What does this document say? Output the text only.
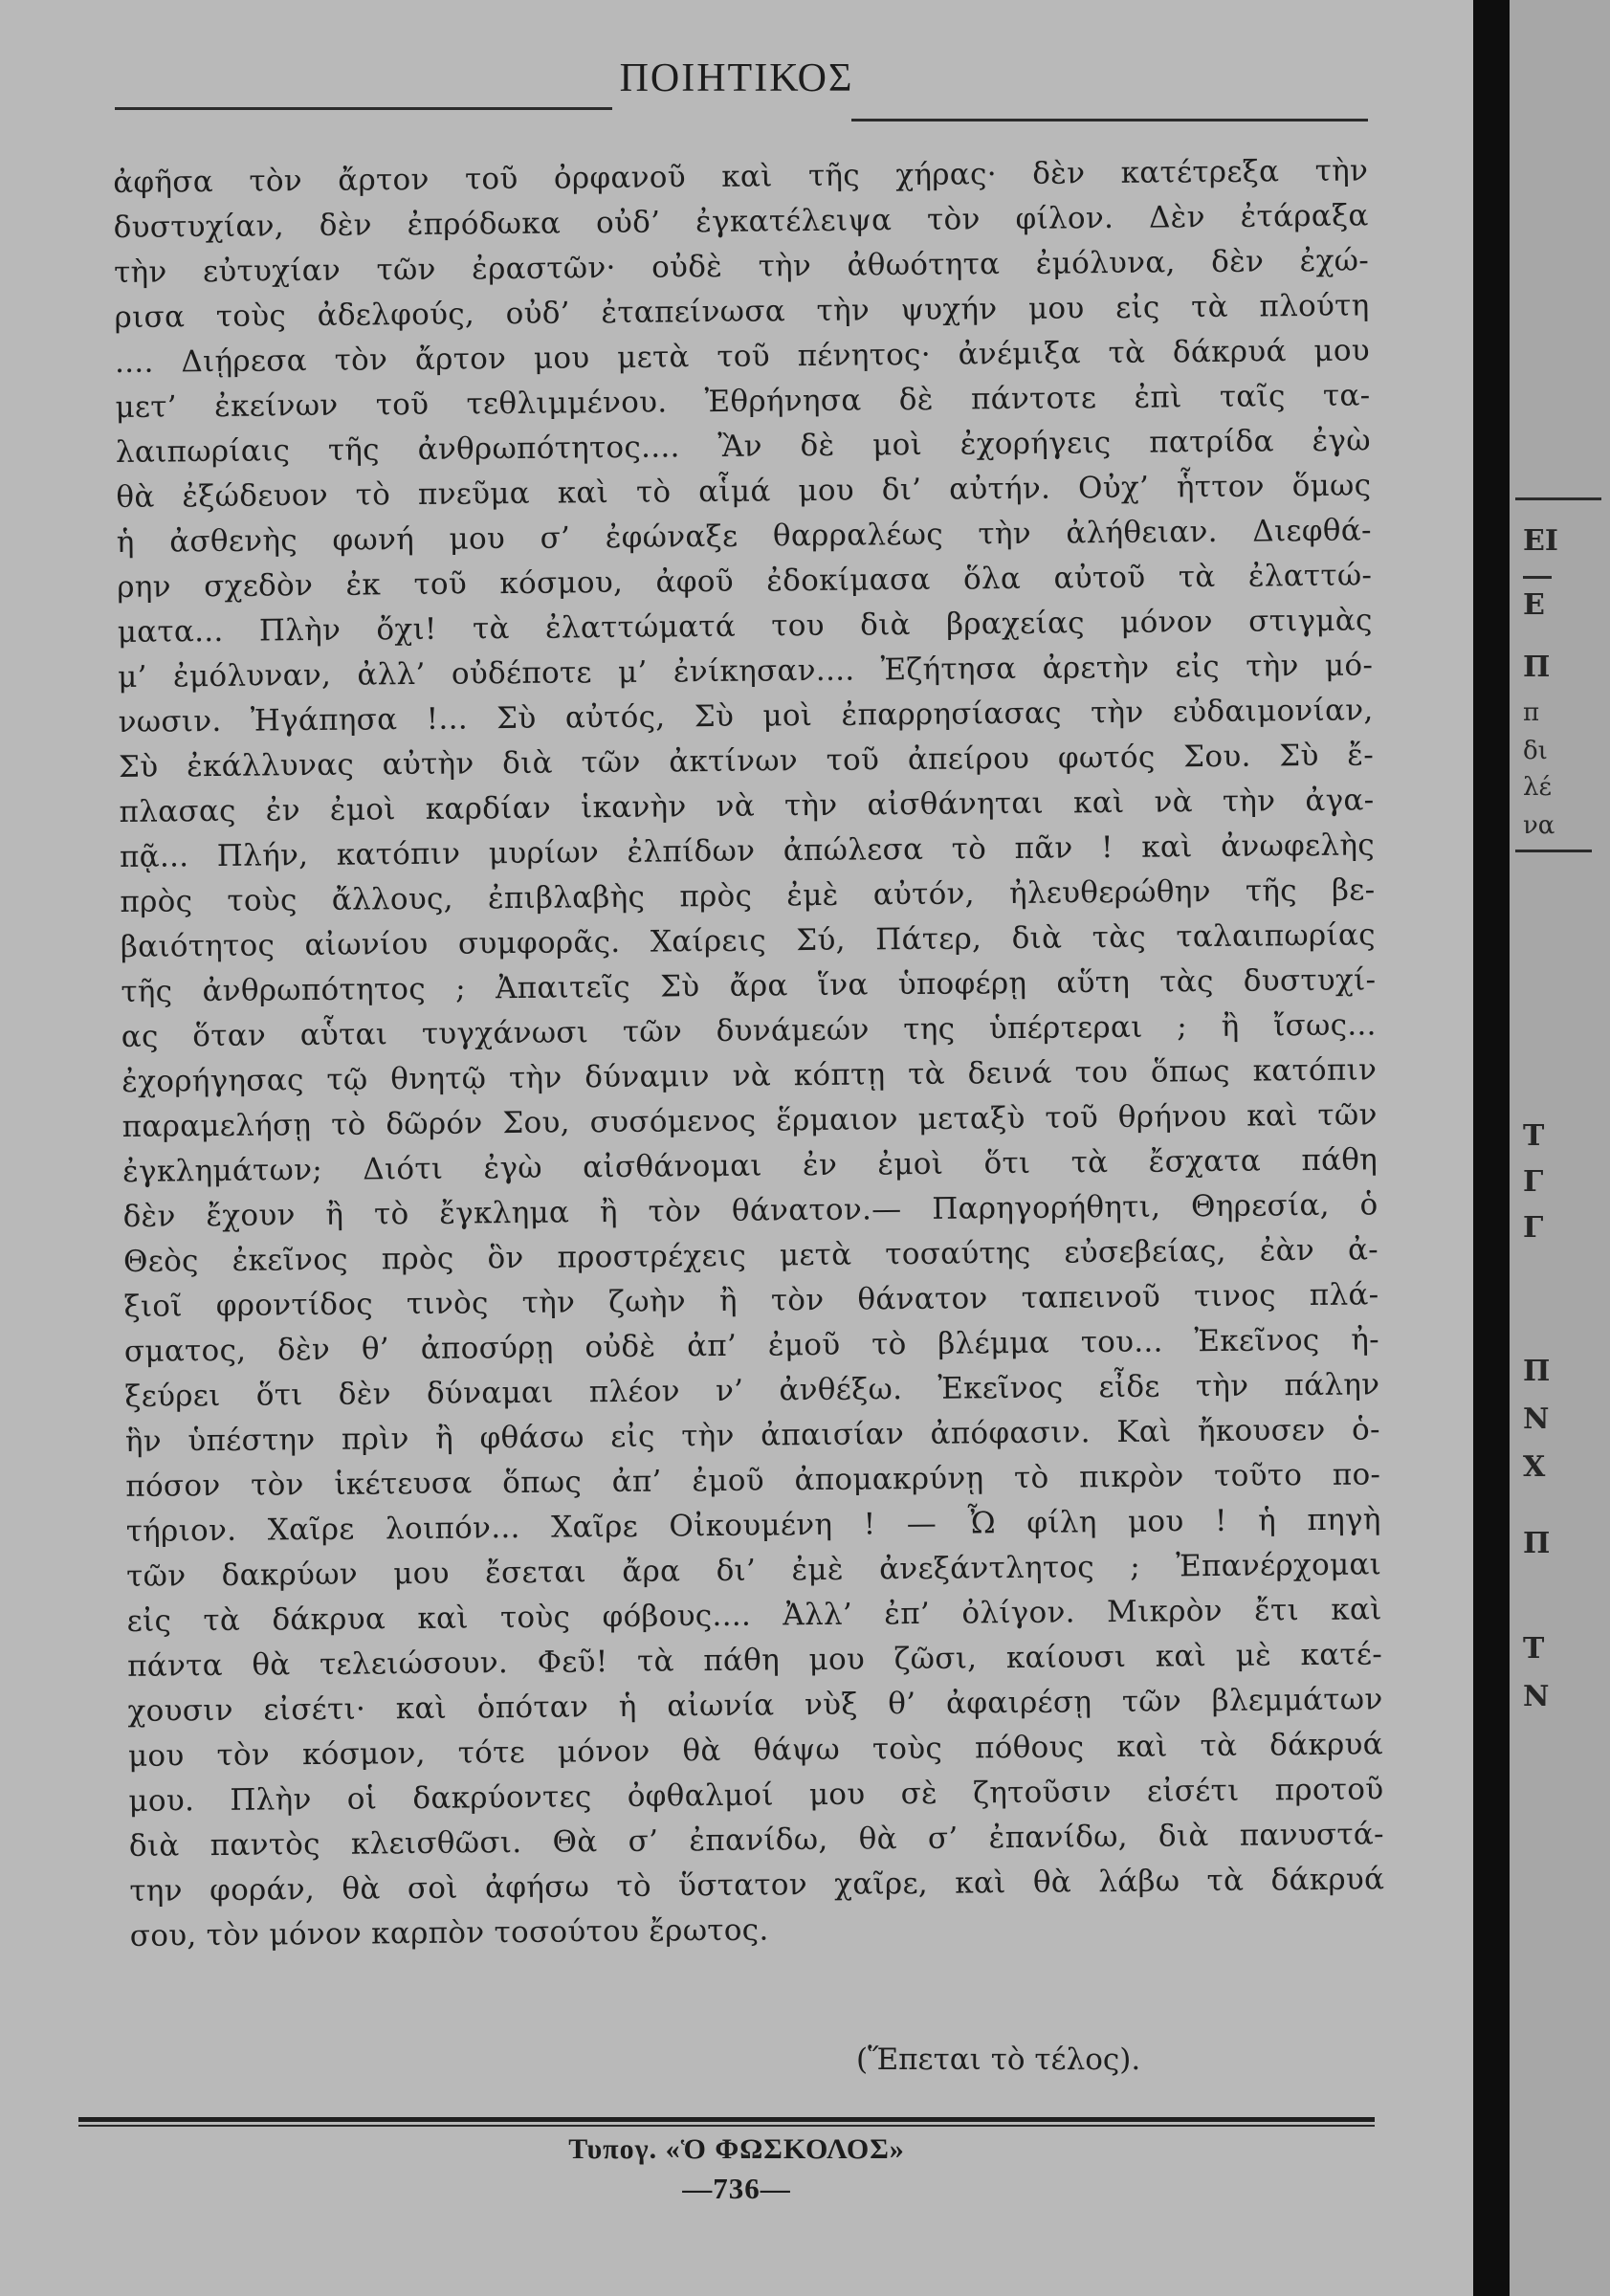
ΠΟΙΗΤΙΚΟΣ
ἀφῆσα τὸν ἄρτον τοῦ ὀρφανοῦ καὶ τῆς χήρας· δὲν κατέτρεξα τὴν
δυστυχίαν, δὲν ἐπρόδωκα οὐδ’ ἐγκατέλειψα τὸν φίλον. Δὲν ἐτάραξα
τὴν εὐτυχίαν τῶν ἐραστῶν· οὐδὲ τὴν ἀθωότητα ἐμόλυνα, δὲν ἐχώ-
ρισα τοὺς ἀδελφούς, οὐδ’ ἐταπείνωσα τὴν ψυχήν μου εἰς τὰ πλούτη
.... Διῄρεσα τὸν ἄρτον μου μετὰ τοῦ πένητος· ἀνέμιξα τὰ δάκρυά μου
μετ’ ἐκείνων τοῦ τεθλιμμένου. Ἐθρήνησα δὲ πάντοτε ἐπὶ ταῖς τα-
λαιπωρίαις τῆς ἀνθρωπότητος.... Ἂν δὲ μοὶ ἐχορήγεις πατρίδα ἐγὼ
θὰ ἐξώδευον τὸ πνεῦμα καὶ τὸ αἷμά μου δι’ αὐτήν. Οὐχ’ ἧττον ὅμως
ἡ ἀσθενὴς φωνή μου σ’ ἐφώναξε θαρραλέως τὴν ἀλήθειαν. Διεφθά-
ρην σχεδὸν ἐκ τοῦ κόσμου, ἀφοῦ ἐδοκίμασα ὅλα αὐτοῦ τὰ ἐλαττώ-
ματα... Πλὴν ὄχι! τὰ ἐλαττώματά του διὰ βραχείας μόνον στιγμὰς
μ’ ἐμόλυναν, ἀλλ’ οὐδέποτε μ’ ἐνίκησαν.... Ἐζήτησα ἀρετὴν εἰς τὴν μό-
νωσιν. Ἠγάπησα !... Σὺ αὐτός, Σὺ μοὶ ἐπαρρησίασας τὴν εὐδαιμονίαν,
Σὺ ἐκάλλυνας αὐτὴν διὰ τῶν ἀκτίνων τοῦ ἀπείρου φωτός Σου. Σὺ ἔ-
πλασας ἐν ἐμοὶ καρδίαν ἱκανὴν νὰ τὴν αἰσθάνηται καὶ νὰ τὴν ἀγα-
πᾷ... Πλήν, κατόπιν μυρίων ἐλπίδων ἀπώλεσα τὸ πᾶν ! καὶ ἀνωφελὴς
πρὸς τοὺς ἄλλους, ἐπιβλαβὴς πρὸς ἐμὲ αὐτόν, ἠλευθερώθην τῆς βε-
βαιότητος αἰωνίου συμφορᾶς. Χαίρεις Σύ, Πάτερ, διὰ τὰς ταλαιπωρίας
τῆς ἀνθρωπότητος ; Ἀπαιτεῖς Σὺ ἄρα ἵνα ὑποφέρῃ αὕτη τὰς δυστυχί-
ας ὅταν αὗται τυγχάνωσι τῶν δυνάμεών της ὑπέρτεραι ; ἢ ἴσως...
ἐχορήγησας τῷ θνητῷ τὴν δύναμιν νὰ κόπτῃ τὰ δεινά του ὅπως κατόπιν
παραμελήσῃ τὸ δῶρόν Σου, συσόμενος ἕρμαιον μεταξὺ τοῦ θρήνου καὶ τῶν
ἐγκλημάτων; Διότι ἐγὼ αἰσθάνομαι ἐν ἐμοὶ ὅτι τὰ ἔσχατα πάθη
δὲν ἔχουν ἢ τὸ ἔγκλημα ἢ τὸν θάνατον.— Παρηγορήθητι, Θηρεσία, ὁ
Θεὸς ἐκεῖνος πρὸς ὃν προστρέχεις μετὰ τοσαύτης εὐσεβείας, ἐὰν ἀ-
ξιοῖ φροντίδος τινὸς τὴν ζωὴν ἢ τὸν θάνατον ταπεινοῦ τινος πλά-
σματος, δὲν θ’ ἀποσύρῃ οὐδὲ ἀπ’ ἐμοῦ τὸ βλέμμα του... Ἐκεῖνος ἠ-
ξεύρει ὅτι δὲν δύναμαι πλέον ν’ ἀνθέξω. Ἐκεῖνος εἶδε τὴν πάλην
ἣν ὑπέστην πρὶν ἢ φθάσω εἰς τὴν ἀπαισίαν ἀπόφασιν. Καὶ ἤκουσεν ὁ-
πόσον τὸν ἱκέτευσα ὅπως ἀπ’ ἐμοῦ ἀπομακρύνῃ τὸ πικρὸν τοῦτο πο-
τήριον. Χαῖρε λοιπόν... Χαῖρε Οἰκουμένη ! — Ὦ φίλη μου ! ἡ πηγὴ
τῶν δακρύων μου ἔσεται ἄρα δι’ ἐμὲ ἀνεξάντλητος ; Ἐπανέρχομαι
εἰς τὰ δάκρυα καὶ τοὺς φόβους.... Ἀλλ’ ἐπ’ ὀλίγον. Μικρὸν ἔτι καὶ
πάντα θὰ τελειώσουν. Φεῦ! τὰ πάθη μου ζῶσι, καίουσι καὶ μὲ κατέ-
χουσιν εἰσέτι· καὶ ὁπόταν ἡ αἰωνία νὺξ θ’ ἀφαιρέσῃ τῶν βλεμμάτων
μου τὸν κόσμον, τότε μόνον θὰ θάψω τοὺς πόθους καὶ τὰ δάκρυά
μου. Πλὴν οἱ δακρύοντες ὀφθαλμοί μου σὲ ζητοῦσιν εἰσέτι προτοῦ
διὰ παντὸς κλεισθῶσι. Θὰ σ’ ἐπανίδω, θὰ σ’ ἐπανίδω, διὰ πανυστά-
την φοράν, θὰ σοὶ ἀφήσω τὸ ὕστατον χαῖρε, καὶ θὰ λάβω τὰ δάκρυά
σου, τὸν μόνον καρπὸν τοσούτου ἔρωτος.
(Ἕπεται τὸ τέλος).
Τυπογ. «Ὁ ΦΩΣΚΟΛΟΣ»
—736—
ΕΙ
Ε
Π
π
δι
λέ
να
Τ
Γ
Γ
Π
Ν
Χ
Π
Τ
Ν
